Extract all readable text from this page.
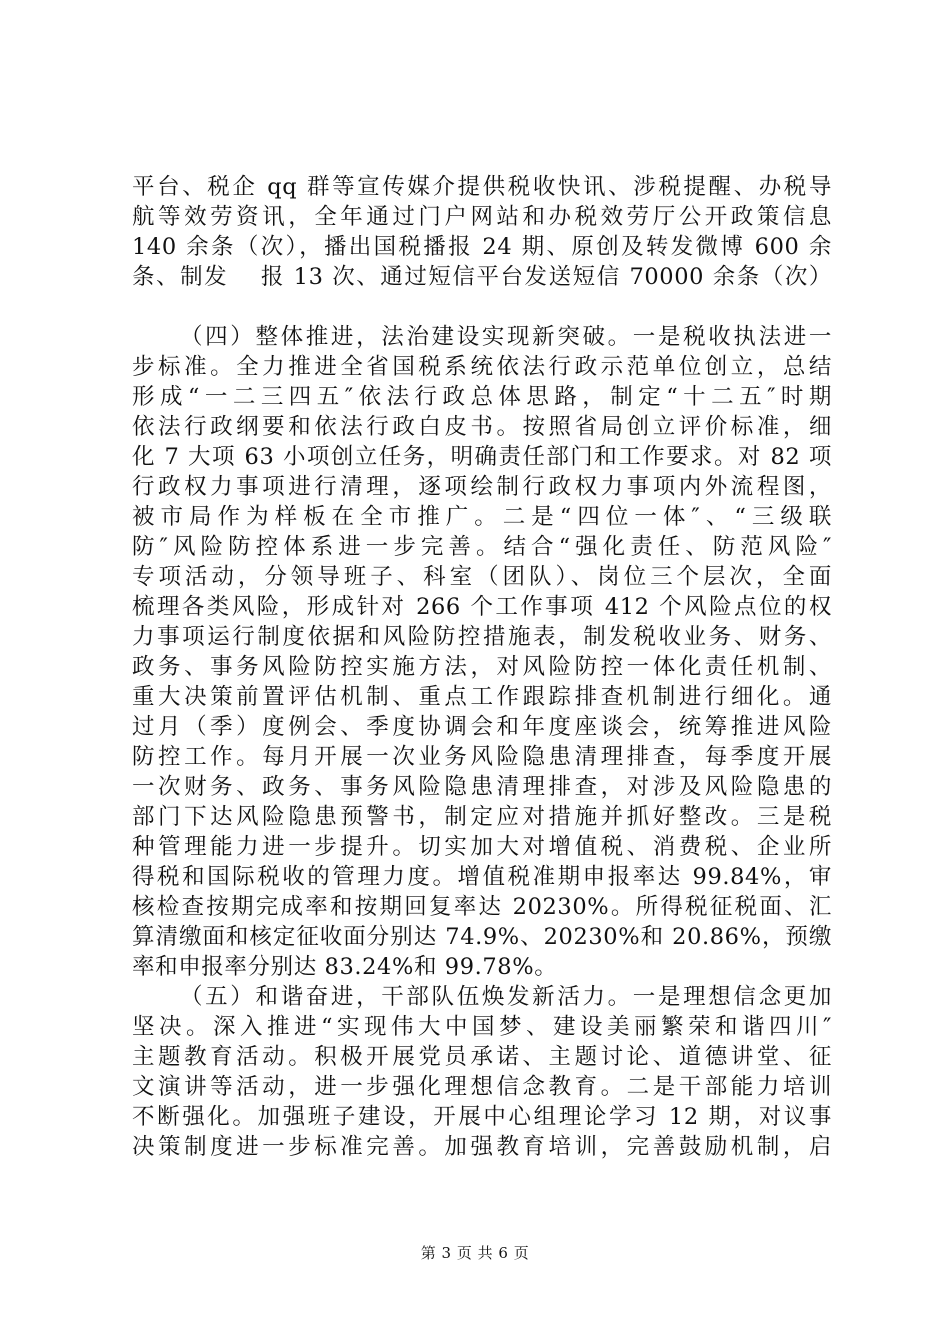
平台、税企 qq 群等宣传媒介提供税收快讯、涉税提醒、办税导
航等效劳资讯，全年通过门户网站和办税效劳厅公开政策信息
140 余条（次），播出国税播报 24 期、原创及转发微博 600 余
条、制发　 报 13 次、通过短信平台发送短信 70000 余条（次）
（四）整体推进，法治建设实现新突破。一是税收执法进一
步标准。全力推进全省国税系统依法行政示范单位创立，总结
形成“一二三四五″依法行政总体思路，制定“十二五″时期
依法行政纲要和依法行政白皮书。按照省局创立评价标准，细
化 7 大项 63 小项创立任务，明确责任部门和工作要求。对 82 项
行政权力事项进行清理，逐项绘制行政权力事项内外流程图，
被市局作为样板在全市推广。二是“四位一体″、“三级联
防″风险防控体系进一步完善。结合“强化责任、防范风险″
专项活动，分领导班子、科室（团队）、岗位三个层次，全面
梳理各类风险，形成针对 266 个工作事项 412 个风险点位的权
力事项运行制度依据和风险防控措施表，制发税收业务、财务、
政务、事务风险防控实施方法，对风险防控一体化责任机制、
重大决策前置评估机制、重点工作跟踪排查机制进行细化。通
过月（季）度例会、季度协调会和年度座谈会，统筹推进风险
防控工作。每月开展一次业务风险隐患清理排查，每季度开展
一次财务、政务、事务风险隐患清理排查，对涉及风险隐患的
部门下达风险隐患预警书，制定应对措施并抓好整改。三是税
种管理能力进一步提升。切实加大对增值税、消费税、企业所
得税和国际税收的管理力度。增值税准期申报率达 99.84%，审
核检查按期完成率和按期回复率达 20230%。所得税征税面、汇
算清缴面和核定征收面分别达 74.9%、20230%和 20.86%，预缴
率和申报率分别达 83.24%和 99.78%。
（五）和谐奋进，干部队伍焕发新活力。一是理想信念更加
坚决。深入推进“实现伟大中国梦、建设美丽繁荣和谐四川″
主题教育活动。积极开展党员承诺、主题讨论、道德讲堂、征
文演讲等活动，进一步强化理想信念教育。二是干部能力培训
不断强化。加强班子建设，开展中心组理论学习 12 期，对议事
决策制度进一步标准完善。加强教育培训，完善鼓励机制，启
第 3 页 共 6 页
